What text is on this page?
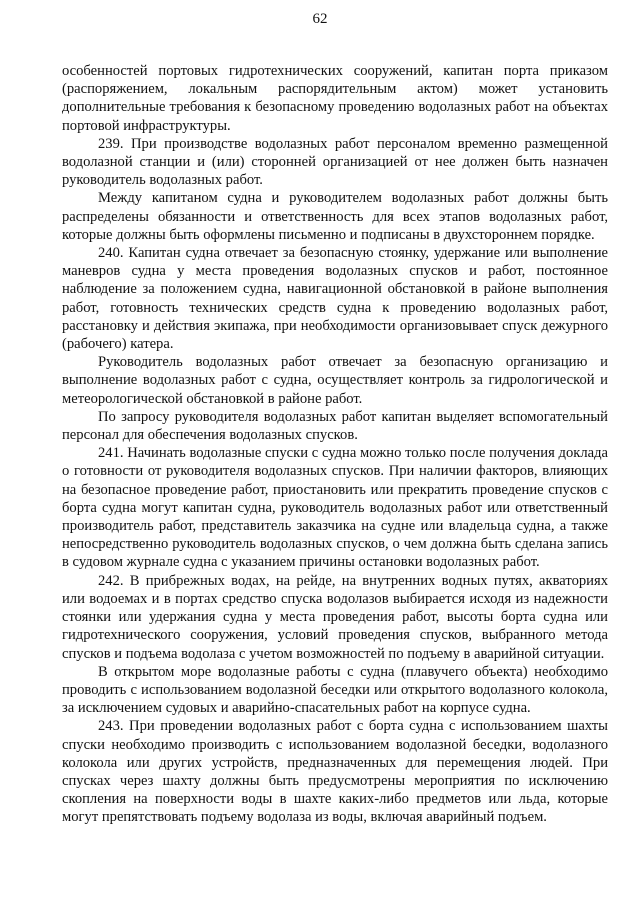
62

особенностей портовых гидротехнических сооружений, капитан порта приказом (распоряжением, локальным распорядительным актом) может установить дополнительные требования к безопасному проведению водолазных работ на объектах портовой инфраструктуры.

239. При производстве водолазных работ персоналом временно размещенной водолазной станции и (или) сторонней организацией от нее должен быть назначен руководитель водолазных работ.

Между капитаном судна и руководителем водолазных работ должны быть распределены обязанности и ответственность для всех этапов водолазных работ, которые должны быть оформлены письменно и подписаны в двухстороннем порядке.

240. Капитан судна отвечает за безопасную стоянку, удержание или выполнение маневров судна у места проведения водолазных спусков и работ, постоянное наблюдение за положением судна, навигационной обстановкой в районе выполнения работ, готовность технических средств судна к проведению водолазных работ, расстановку и действия экипажа, при необходимости организовывает спуск дежурного (рабочего) катера.

Руководитель водолазных работ отвечает за безопасную организацию и выполнение водолазных работ с судна, осуществляет контроль за гидрологической и метеорологической обстановкой в районе работ.

По запросу руководителя водолазных работ капитан выделяет вспомогательный персонал для обеспечения водолазных спусков.

241. Начинать водолазные спуски с судна можно только после получения доклада о готовности от руководителя водолазных спусков. При наличии факторов, влияющих на безопасное проведение работ, приостановить или прекратить проведение спусков с борта судна могут капитан судна, руководитель водолазных работ или ответственный производитель работ, представитель заказчика на судне или владельца судна, а также непосредственно руководитель водолазных спусков, о чем должна быть сделана запись в судовом журнале судна с указанием причины остановки водолазных работ.

242. В прибрежных водах, на рейде, на внутренних водных путях, акваториях или водоемах и в портах средство спуска водолазов выбирается исходя из надежности стоянки или удержания судна у места проведения работ, высоты борта судна или гидротехнического сооружения, условий проведения спусков, выбранного метода спусков и подъема водолаза с учетом возможностей по подъему в аварийной ситуации.

В открытом море водолазные работы с судна (плавучего объекта) необходимо проводить с использованием водолазной беседки или открытого водолазного колокола, за исключением судовых и аварийно-спасательных работ на корпусе судна.

243. При проведении водолазных работ с борта судна с использованием шахты спуски необходимо производить с использованием водолазной беседки, водолазного колокола или других устройств, предназначенных для перемещения людей. При спусках через шахту должны быть предусмотрены мероприятия по исключению скопления на поверхности воды в шахте каких-либо предметов или льда, которые могут препятствовать подъему водолаза из воды, включая аварийный подъем.
